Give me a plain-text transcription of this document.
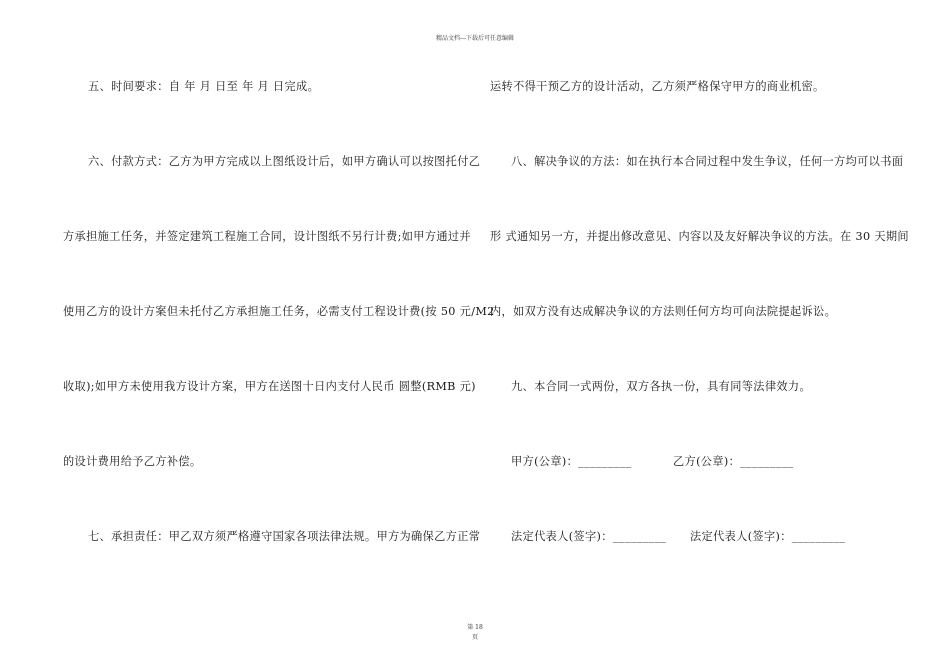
精品文档---下载后可任意编辑
五、时间要求：自 年 月 日至 年 月 日完成。
六、付款方式：乙方为甲方完成以上图纸设计后，如甲方确认可以按图托付乙
方承担施工任务，并签定建筑工程施工合同，设计图纸不另行计费;如甲方通过并
使用乙方的设计方案但未托付乙方承担施工任务，必需支付工程设计费(按 50 元/M2
收取);如甲方未使用我方设计方案，甲方在送图十日内支付人民币 圆整(RMB 元)
的设计费用给予乙方补偿。
七、承担责任：甲乙双方须严格遵守国家各项法律法规。甲方为确保乙方正常
运转不得干预乙方的设计活动，乙方须严格保守甲方的商业机密。
八、解决争议的方法：如在执行本合同过程中发生争议，任何一方均可以书面
形 式通知另一方，并提出修改意见、内容以及友好解决争议的方法。在 30 天期间
内，如双方没有达成解决争议的方法则任何方均可向法院提起诉讼。
九、本合同一式两份，双方各执一份，具有同等法律效力。
甲方(公章)：_________	乙方(公章)：_________
法定代表人(签字)：_________ 法定代表人(签字)：_________
第 18
页
